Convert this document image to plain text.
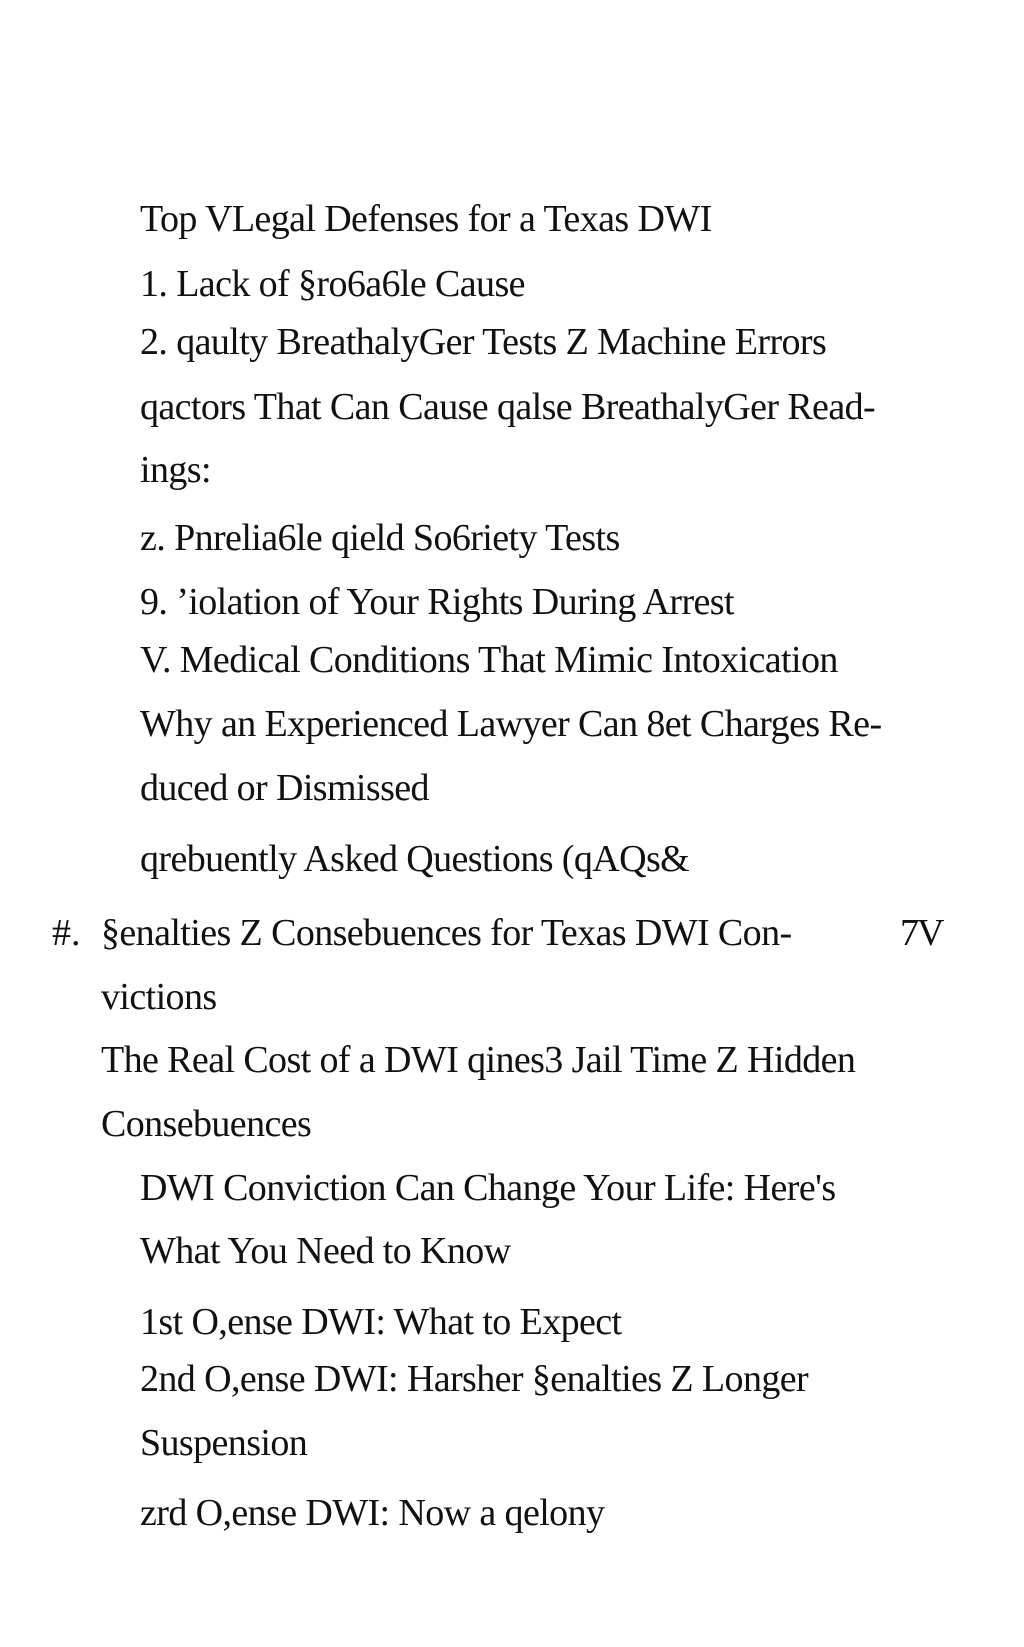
Top VLegal Defenses for a Texas DWI
1. Lack of §ro6a6le Cause
2. qaulty BreathalyGer Tests Z Machine Errors
qactors That Can Cause qalse BreathalyGer Read-
ings:
z. Pnrelia6le qield So6riety Tests
9. ʼiolation of Your Rights During Arrest
V. Medical Conditions That Mimic Intoxication
Why an Experienced Lawyer Can 8et Charges Re-
duced or Dismissed
qrebuently Asked Questions (qAQs&
#. §enalties Z Consebuences for Texas DWI Con-	7V
victions
The Real Cost of a DWI qines3 Jail Time Z Hidden
Consebuences
DWI Conviction Can Change Your Life: Here's
What You Need to Know
1st O,ense DWI: What to Expect
2nd O,ense DWI: Harsher §enalties Z Longer
Suspension
zrd O,ense DWI: Now a qelony
